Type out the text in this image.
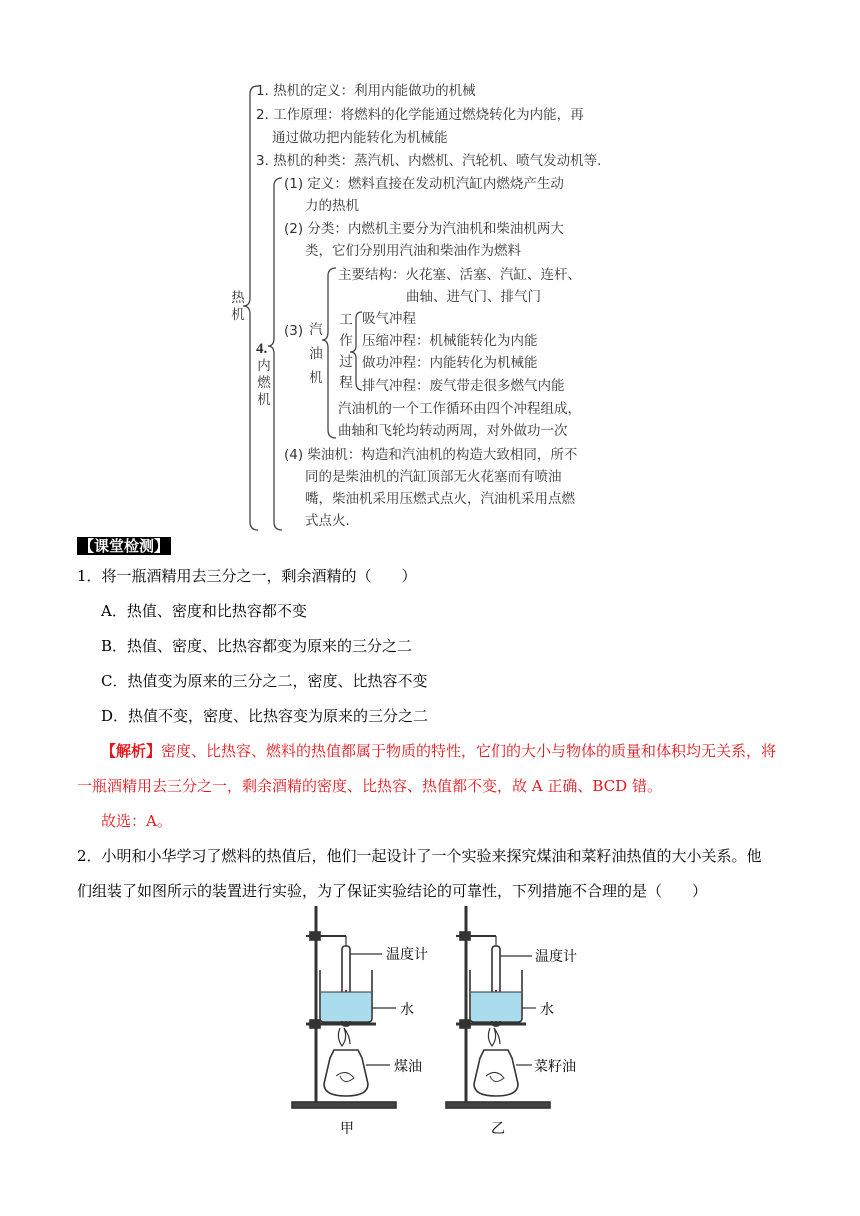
热机
1. 热机的定义：利用内能做功的机械
2. 工作原理：将燃料的化学能通过燃烧转化为内能，再
通过做功把内能转化为机械能
3. 热机的种类：蒸汽机、内燃机、汽轮机、喷气发动机等.
4.
内燃机
(1) 定义：燃料直接在发动机汽缸内燃烧产生动
力的热机
(2) 分类：内燃机主要分为汽油机和柴油机两大
类，它们分别用汽油和柴油作为燃料
(3) 汽油机
主要结构：火花塞、活塞、汽缸、连杆、
曲轴、进气门、排气门
工作过程
吸气冲程
压缩冲程：机械能转化为内能
做功冲程：内能转化为机械能
排气冲程：废气带走很多燃气内能
汽油机的一个工作循环由四个冲程组成，
曲轴和飞轮均转动两周，对外做功一次
(4) 柴油机：构造和汽油机的构造大致相同，所不
同的是柴油机的汽缸顶部无火花塞而有喷油
嘴，柴油机采用压燃式点火，汽油机采用点燃
式点火.
【课堂检测】
1．将一瓶酒精用去三分之一，剩余酒精的（　　）
A．热值、密度和比热容都不变
B．热值、密度、比热容都变为原来的三分之二
C．热值变为原来的三分之二，密度、比热容不变
D．热值不变，密度、比热容变为原来的三分之二
【解析】密度、比热容、燃料的热值都属于物质的特性，它们的大小与物体的质量和体积均无关系，将
一瓶酒精用去三分之一，剩余酒精的密度、比热容、热值都不变，故 A 正确、BCD 错。
故选：A。
2．小明和小华学习了燃料的热值后，他们一起设计了一个实验来探究煤油和菜籽油热值的大小关系。他
们组装了如图所示的装置进行实验，为了保证实验结论的可靠性，下列措施不合理的是（　　）
温度计
水
煤油
甲
温度计
水
菜籽油
乙
